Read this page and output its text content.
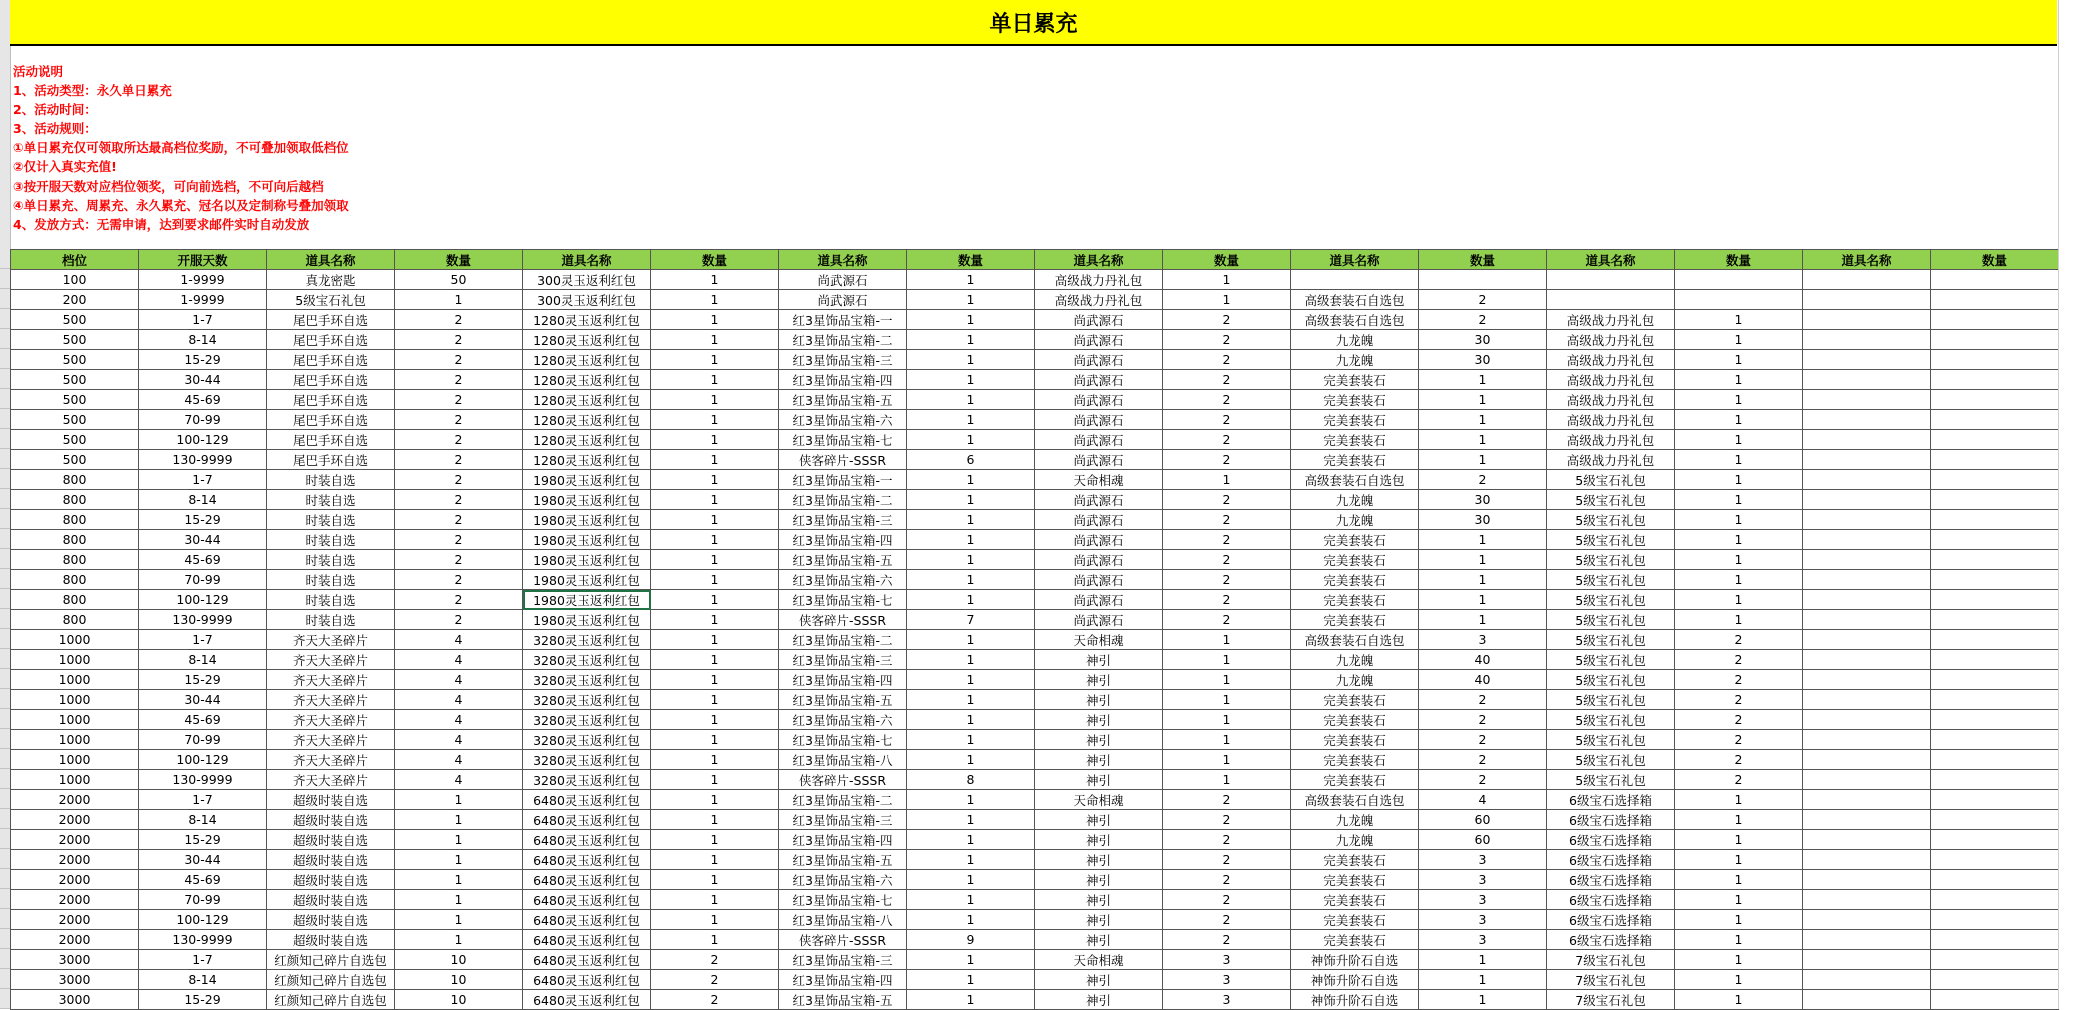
单日累充
活动说明
1、活动类型：永久单日累充
2、活动时间：
3、活动规则：
①单日累充仅可领取所达最高档位奖励，不可叠加领取低档位
②仅计入真实充值!
③按开服天数对应档位领奖，可向前选档，不可向后越档
④单日累充、周累充、永久累充、冠名以及定制称号叠加领取
4、发放方式：无需申请，达到要求邮件实时自动发放
档位	开服天数	道具名称	数量	道具名称	数量	道具名称	数量	道具名称	数量	道具名称	数量	道具名称	数量	道具名称	数量
100	1-9999	真龙密匙	50	300灵玉返利红包	1	尚武源石	1	高级战力丹礼包	1						
200	1-9999	5级宝石礼包	1	300灵玉返利红包	1	尚武源石	1	高级战力丹礼包	1	高级套装石自选包	2				
500	1-7	尾巴手环自选	2	1280灵玉返利红包	1	红3星饰品宝箱-一	1	尚武源石	2	高级套装石自选包	2	高级战力丹礼包	1		
500	8-14	尾巴手环自选	2	1280灵玉返利红包	1	红3星饰品宝箱-二	1	尚武源石	2	九龙魄	30	高级战力丹礼包	1		
500	15-29	尾巴手环自选	2	1280灵玉返利红包	1	红3星饰品宝箱-三	1	尚武源石	2	九龙魄	30	高级战力丹礼包	1		
500	30-44	尾巴手环自选	2	1280灵玉返利红包	1	红3星饰品宝箱-四	1	尚武源石	2	完美套装石	1	高级战力丹礼包	1		
500	45-69	尾巴手环自选	2	1280灵玉返利红包	1	红3星饰品宝箱-五	1	尚武源石	2	完美套装石	1	高级战力丹礼包	1		
500	70-99	尾巴手环自选	2	1280灵玉返利红包	1	红3星饰品宝箱-六	1	尚武源石	2	完美套装石	1	高级战力丹礼包	1		
500	100-129	尾巴手环自选	2	1280灵玉返利红包	1	红3星饰品宝箱-七	1	尚武源石	2	完美套装石	1	高级战力丹礼包	1		
500	130-9999	尾巴手环自选	2	1280灵玉返利红包	1	侠客碎片-SSSR	6	尚武源石	2	完美套装石	1	高级战力丹礼包	1		
800	1-7	时装自选	2	1980灵玉返利红包	1	红3星饰品宝箱-一	1	天命相魂	1	高级套装石自选包	2	5级宝石礼包	1		
800	8-14	时装自选	2	1980灵玉返利红包	1	红3星饰品宝箱-二	1	尚武源石	2	九龙魄	30	5级宝石礼包	1		
800	15-29	时装自选	2	1980灵玉返利红包	1	红3星饰品宝箱-三	1	尚武源石	2	九龙魄	30	5级宝石礼包	1		
800	30-44	时装自选	2	1980灵玉返利红包	1	红3星饰品宝箱-四	1	尚武源石	2	完美套装石	1	5级宝石礼包	1		
800	45-69	时装自选	2	1980灵玉返利红包	1	红3星饰品宝箱-五	1	尚武源石	2	完美套装石	1	5级宝石礼包	1		
800	70-99	时装自选	2	1980灵玉返利红包	1	红3星饰品宝箱-六	1	尚武源石	2	完美套装石	1	5级宝石礼包	1		
800	100-129	时装自选	2	1980灵玉返利红包	1	红3星饰品宝箱-七	1	尚武源石	2	完美套装石	1	5级宝石礼包	1		
800	130-9999	时装自选	2	1980灵玉返利红包	1	侠客碎片-SSSR	7	尚武源石	2	完美套装石	1	5级宝石礼包	1		
1000	1-7	齐天大圣碎片	4	3280灵玉返利红包	1	红3星饰品宝箱-二	1	天命相魂	1	高级套装石自选包	3	5级宝石礼包	2		
1000	8-14	齐天大圣碎片	4	3280灵玉返利红包	1	红3星饰品宝箱-三	1	神引	1	九龙魄	40	5级宝石礼包	2		
1000	15-29	齐天大圣碎片	4	3280灵玉返利红包	1	红3星饰品宝箱-四	1	神引	1	九龙魄	40	5级宝石礼包	2		
1000	30-44	齐天大圣碎片	4	3280灵玉返利红包	1	红3星饰品宝箱-五	1	神引	1	完美套装石	2	5级宝石礼包	2		
1000	45-69	齐天大圣碎片	4	3280灵玉返利红包	1	红3星饰品宝箱-六	1	神引	1	完美套装石	2	5级宝石礼包	2		
1000	70-99	齐天大圣碎片	4	3280灵玉返利红包	1	红3星饰品宝箱-七	1	神引	1	完美套装石	2	5级宝石礼包	2		
1000	100-129	齐天大圣碎片	4	3280灵玉返利红包	1	红3星饰品宝箱-八	1	神引	1	完美套装石	2	5级宝石礼包	2		
1000	130-9999	齐天大圣碎片	4	3280灵玉返利红包	1	侠客碎片-SSSR	8	神引	1	完美套装石	2	5级宝石礼包	2		
2000	1-7	超级时装自选	1	6480灵玉返利红包	1	红3星饰品宝箱-二	1	天命相魂	2	高级套装石自选包	4	6级宝石选择箱	1		
2000	8-14	超级时装自选	1	6480灵玉返利红包	1	红3星饰品宝箱-三	1	神引	2	九龙魄	60	6级宝石选择箱	1		
2000	15-29	超级时装自选	1	6480灵玉返利红包	1	红3星饰品宝箱-四	1	神引	2	九龙魄	60	6级宝石选择箱	1		
2000	30-44	超级时装自选	1	6480灵玉返利红包	1	红3星饰品宝箱-五	1	神引	2	完美套装石	3	6级宝石选择箱	1		
2000	45-69	超级时装自选	1	6480灵玉返利红包	1	红3星饰品宝箱-六	1	神引	2	完美套装石	3	6级宝石选择箱	1		
2000	70-99	超级时装自选	1	6480灵玉返利红包	1	红3星饰品宝箱-七	1	神引	2	完美套装石	3	6级宝石选择箱	1		
2000	100-129	超级时装自选	1	6480灵玉返利红包	1	红3星饰品宝箱-八	1	神引	2	完美套装石	3	6级宝石选择箱	1		
2000	130-9999	超级时装自选	1	6480灵玉返利红包	1	侠客碎片-SSSR	9	神引	2	完美套装石	3	6级宝石选择箱	1		
3000	1-7	红颜知己碎片自选包	10	6480灵玉返利红包	2	红3星饰品宝箱-三	1	天命相魂	3	神饰升阶石自选	1	7级宝石礼包	1		
3000	8-14	红颜知己碎片自选包	10	6480灵玉返利红包	2	红3星饰品宝箱-四	1	神引	3	神饰升阶石自选	1	7级宝石礼包	1		
3000	15-29	红颜知己碎片自选包	10	6480灵玉返利红包	2	红3星饰品宝箱-五	1	神引	3	神饰升阶石自选	1	7级宝石礼包	1		
